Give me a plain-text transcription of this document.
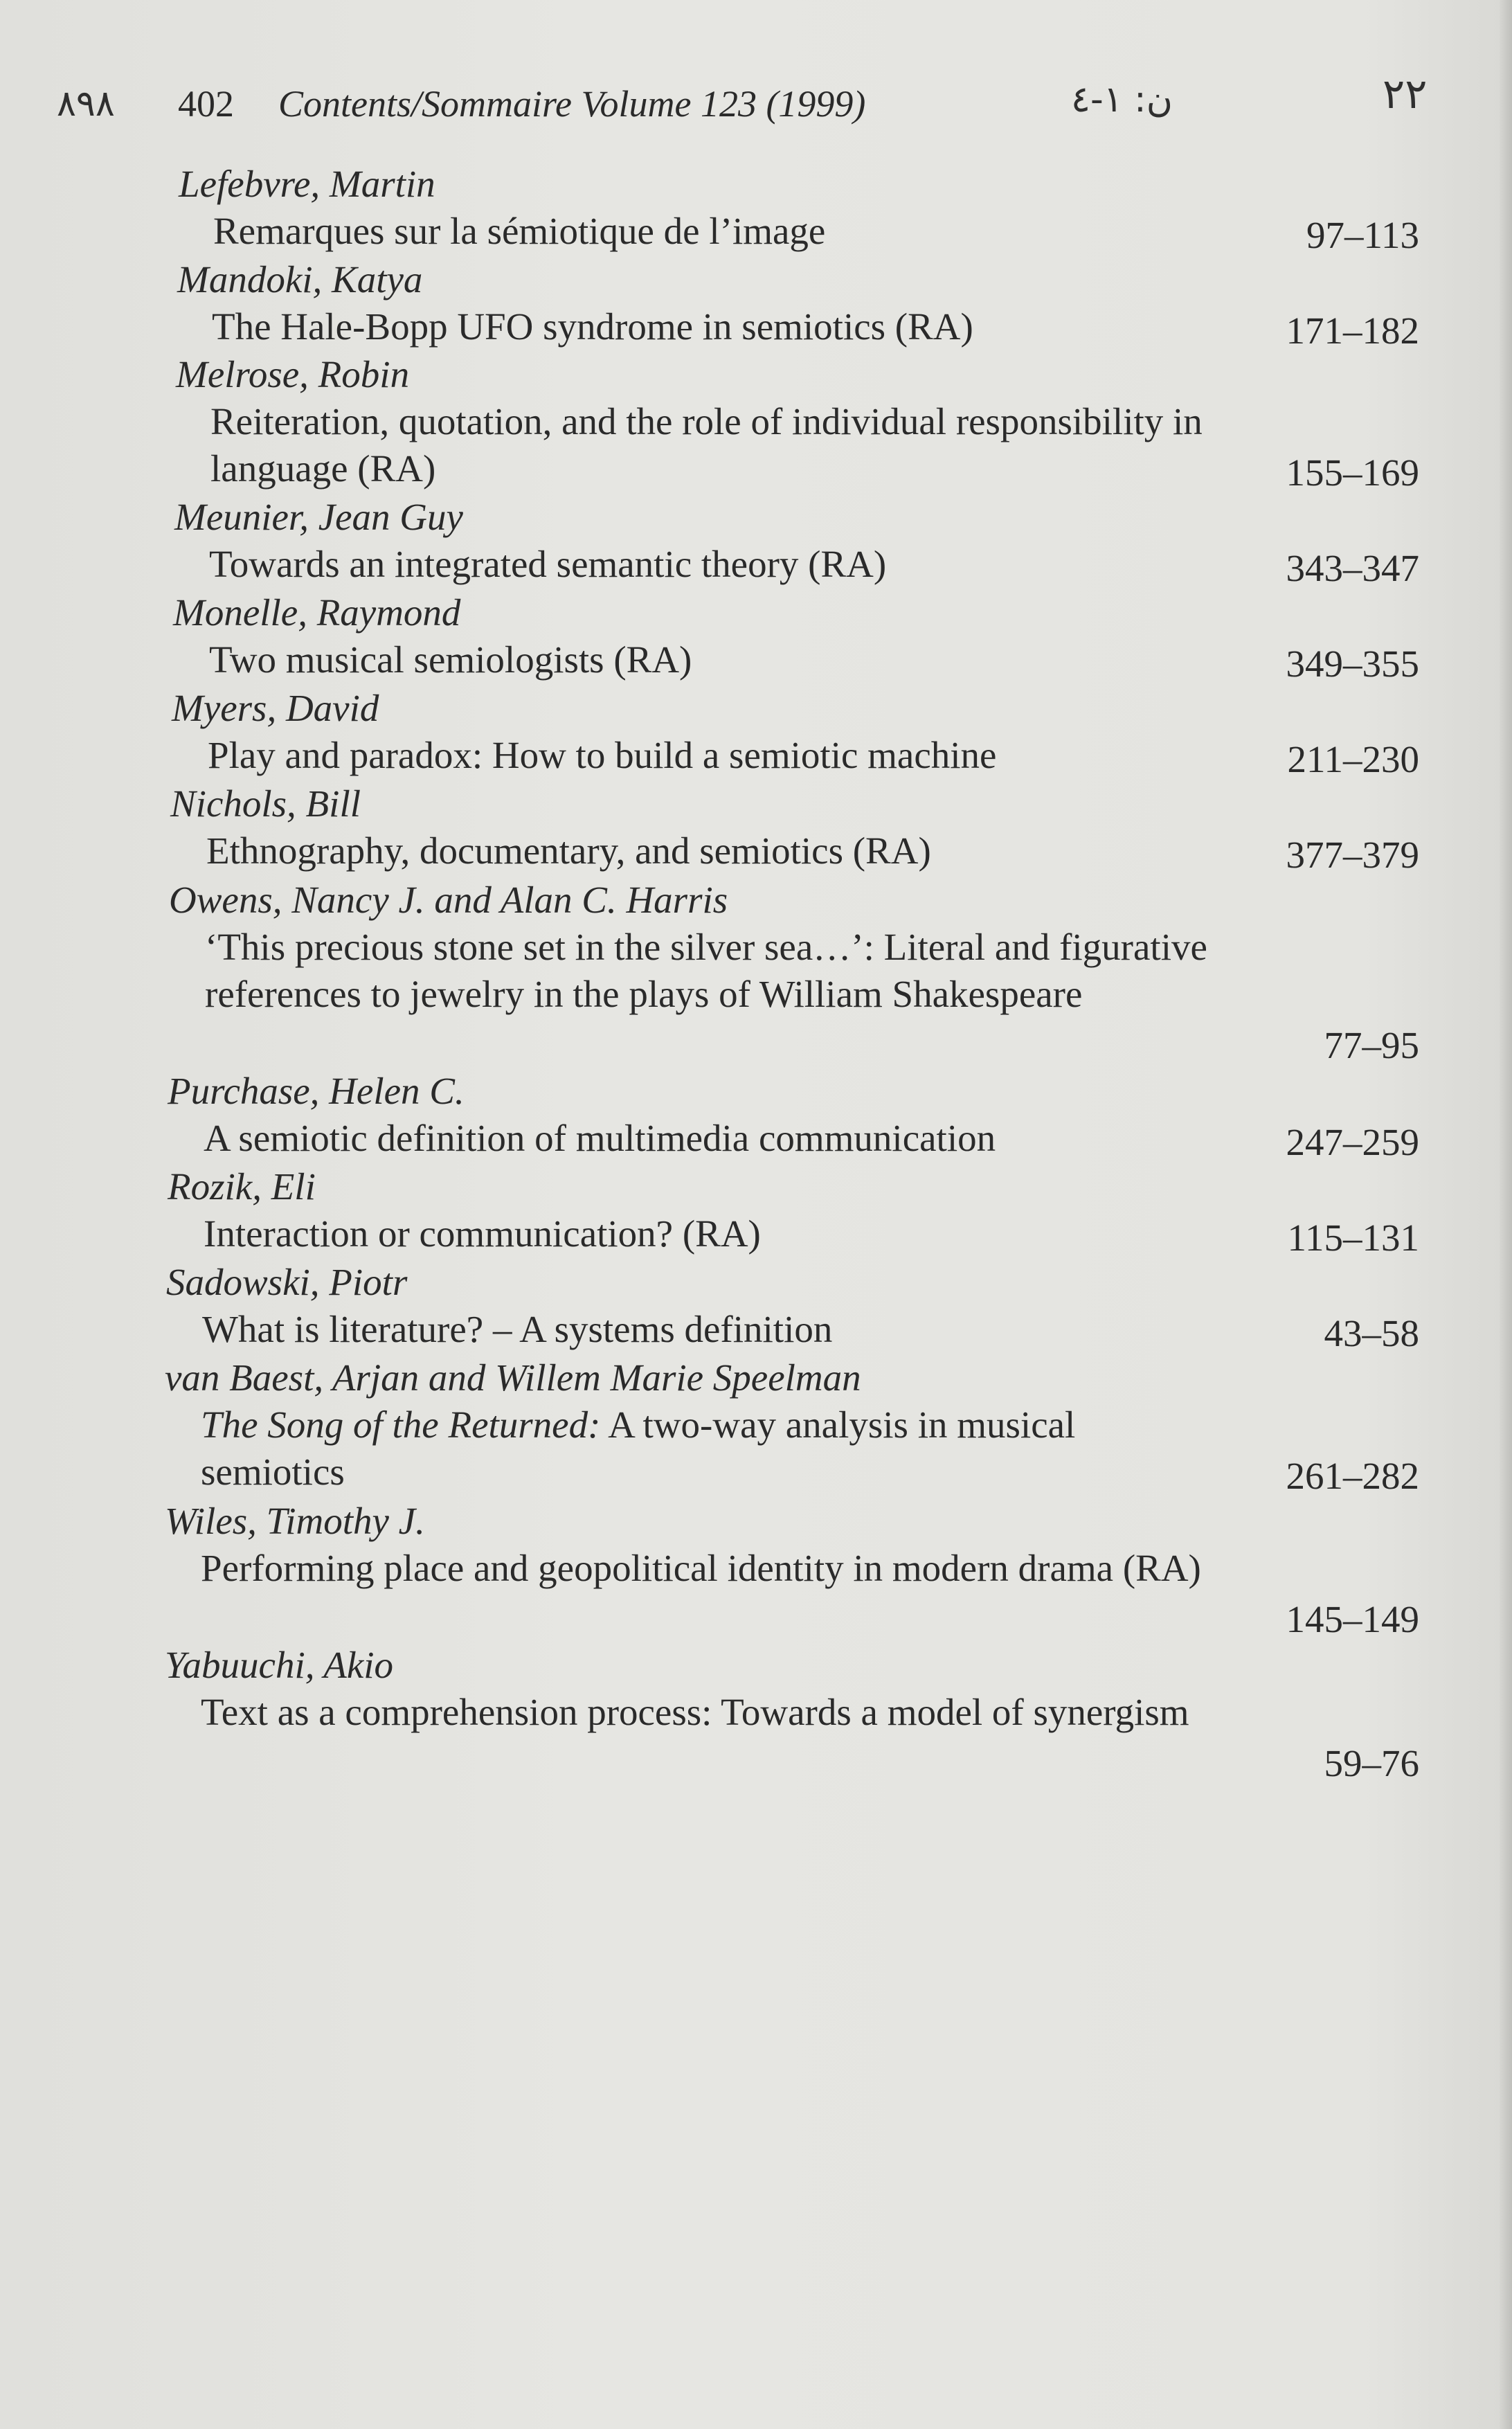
٨٩٨ 402 Contents/Sommaire Volume 123 (1999)	ﻥ: ١-٤	٢٢
Lefebvre, Martin
Remarques sur la sémiotique de l’image	97–113
Mandoki, Katya
The Hale-Bopp UFO syndrome in semiotics (RA)	171–182
Melrose, Robin
Reiteration, quotation, and the role of individual responsibility in language (RA)	155–169
Meunier, Jean Guy
Towards an integrated semantic theory (RA)	343–347
Monelle, Raymond
Two musical semiologists (RA)	349–355
Myers, David
Play and paradox: How to build a semiotic machine	211–230
Nichols, Bill
Ethnography, documentary, and semiotics (RA)	377–379
Owens, Nancy J. and Alan C. Harris
‘This precious stone set in the silver sea…’: Literal and figurative references to jewelry in the plays of William Shakespeare
77–95
Purchase, Helen C.
A semiotic definition of multimedia communication	247–259
Rozik, Eli
Interaction or communication? (RA)	115–131
Sadowski, Piotr
What is literature? – A systems definition	43–58
van Baest, Arjan and Willem Marie Speelman
The Song of the Returned: A two-way analysis in musical semiotics	261–282
Wiles, Timothy J.
Performing place and geopolitical identity in modern drama (RA)
145–149
Yabuuchi, Akio
Text as a comprehension process: Towards a model of synergism
59–76
